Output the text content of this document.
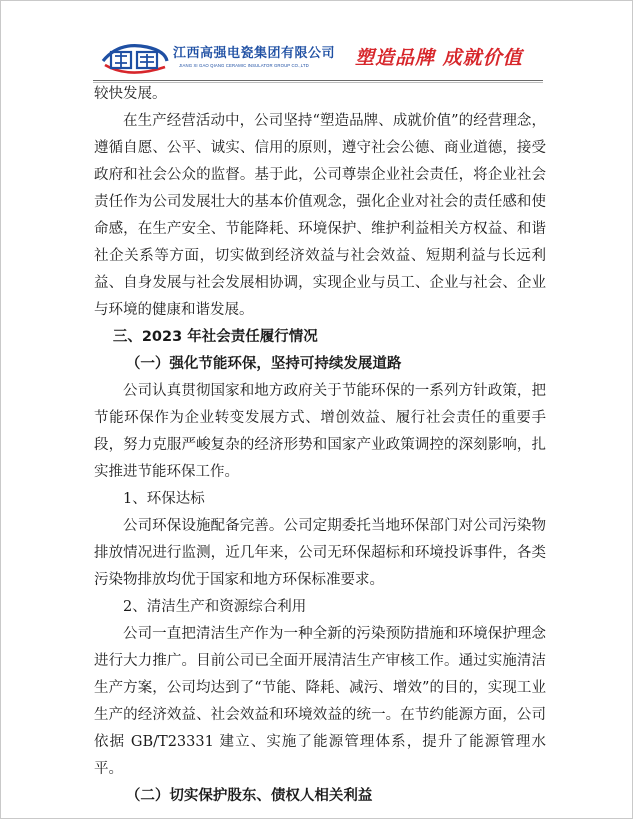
江西高强电瓷集团有限公司
JIANG XI GAO QIANG CERAMIC INSULATOR GROUP CO.,LTD	塑造品牌 成就价值

较快发展。

在生产经营活动中，公司坚持“塑造品牌、成就价值”的经营理念，遵循自愿、公平、诚实、信用的原则，遵守社会公德、商业道德，接受政府和社会公众的监督。基于此，公司尊崇企业社会责任，将企业社会责任作为公司发展壮大的基本价值观念，强化企业对社会的责任感和使命感，在生产安全、节能降耗、环境保护、维护利益相关方权益、和谐社企关系等方面，切实做到经济效益与社会效益、短期利益与长远利益、自身发展与社会发展相协调，实现企业与员工、企业与社会、企业与环境的健康和谐发展。

三、2023 年社会责任履行情况

（一）强化节能环保，坚持可持续发展道路

公司认真贯彻国家和地方政府关于节能环保的一系列方针政策，把节能环保作为企业转变发展方式、增创效益、履行社会责任的重要手段，努力克服严峻复杂的经济形势和国家产业政策调控的深刻影响，扎实推进节能环保工作。

1、环保达标

公司环保设施配备完善。公司定期委托当地环保部门对公司污染物排放情况进行监测，近几年来，公司无环保超标和环境投诉事件，各类污染物排放均优于国家和地方环保标准要求。

2、清洁生产和资源综合利用

公司一直把清洁生产作为一种全新的污染预防措施和环境保护理念进行大力推广。目前公司已全面开展清洁生产审核工作。通过实施清洁生产方案，公司均达到了“节能、降耗、减污、增效”的目的，实现工业生产的经济效益、社会效益和环境效益的统一。在节约能源方面，公司依据 GB/T23331 建立、实施了能源管理体系，提升了能源管理水平。

（二）切实保护股东、债权人相关利益
